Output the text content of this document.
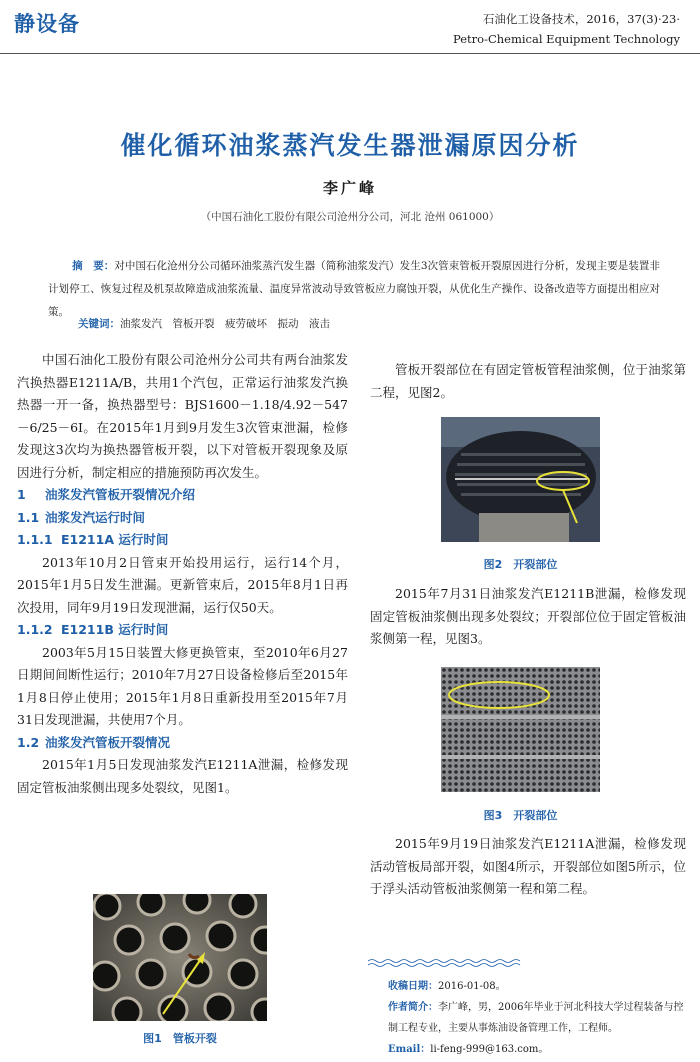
静设备	石油化工设备技术，2016，37(3)·23·
Petro-Chemical Equipment Technology
催化循环油浆蒸汽发生器泄漏原因分析
李广峰
（中国石油化工股份有限公司沧州分公司，河北 沧州 061000）
摘　要：对中国石化沧州分公司循环油浆蒸汽发生器（简称油浆发汽）发生3次管束管板开裂原因进行分析，发现主要是装置非计划停工、恢复过程及机泵故障造成油浆流量、温度异常波动导致管板应力腐蚀开裂，从优化生产操作、设备改造等方面提出相应对策。
关键词：油浆发汽　管板开裂　疲劳破坏　振动　液击

中国石油化工股份有限公司沧州分公司共有两台油浆发汽换热器E1211A/B，共用1个汽包，正常运行油浆发汽换热器一开一备，换热器型号：BJS1600－1.18/4.92－547－6/25－6I。在2015年1月到9月发生3次管束泄漏，检修发现这3次均为换热器管板开裂，以下对管板开裂现象及原因进行分析，制定相应的措施预防再次发生。

1 油浆发汽管板开裂情况介绍

1.1 油浆发汽运行时间

1.1.1 E1211A 运行时间

2013年10月2日管束开始投用运行，运行14个月，2015年1月5日发生泄漏。更新管束后，2015年8月1日再次投用，同年9月19日发现泄漏，运行仅50天。

1.1.2 E1211B 运行时间

2003年5月15日装置大修更换管束，至2010年6月27日期间间断性运行；2010年7月27日设备检修后至2015年1月8日停止使用；2015年1月8日重新投用至2015年7月31日发现泄漏，共使用7个月。

1.2 油浆发汽管板开裂情况

2015年1月5日发现油浆发汽E1211A泄漏，检修发现固定管板油浆侧出现多处裂纹，见图1。

图1　管板开裂

管板开裂部位在有固定管板管程油浆侧，位于油浆第二程，见图2。

图2　开裂部位

2015年7月31日油浆发汽E1211B泄漏，检修发现固定管板油浆侧出现多处裂纹；开裂部位位于固定管板油浆侧第一程，见图3。

图3　开裂部位

2015年9月19日油浆发汽E1211A泄漏，检修发现活动管板局部开裂，如图4所示，开裂部位如图5所示，位于浮头活动管板油浆侧第一程和第二程。

收稿日期：2016-01-08。
作者简介：李广峰，男，2006年毕业于河北科技大学过程装备与控制工程专业，主要从事炼油设备管理工作，工程师。
Email：li-feng-999@163.com。
